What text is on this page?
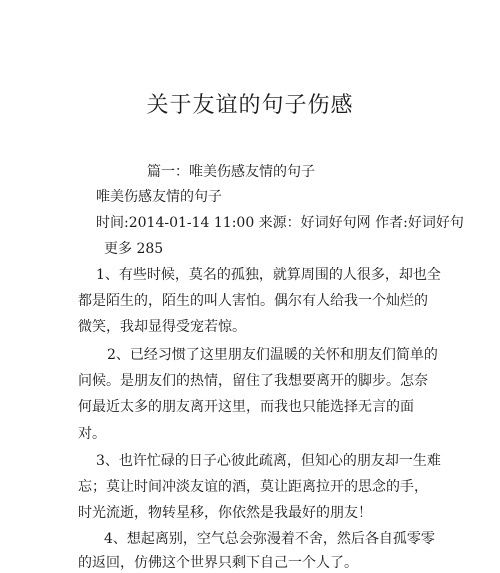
关于友谊的句子伤感
篇一：唯美伤感友情的句子
唯美伤感友情的句子
时间:2014-01-14 11:00 来源：好词好句网 作者:好词好句
更多 285
1、有些时候，莫名的孤独，就算周围的人很多，却也全
都是陌生的，陌生的叫人害怕。偶尔有人给我一个灿烂的
微笑，我却显得受宠若惊。
2、已经习惯了这里朋友们温暖的关怀和朋友们简单的
问候。是朋友们的热情，留住了我想要离开的脚步。怎奈
何最近太多的朋友离开这里，而我也只能选择无言的面
对。
3、也许忙碌的日子心彼此疏离，但知心的朋友却一生难
忘；莫让时间冲淡友谊的酒，莫让距离拉开的思念的手，
时光流逝，物转星移，你依然是我最好的朋友！
4、想起离别，空气总会弥漫着不舍，然后各自孤零零
的返回，仿佛这个世界只剩下自己一个人了。
